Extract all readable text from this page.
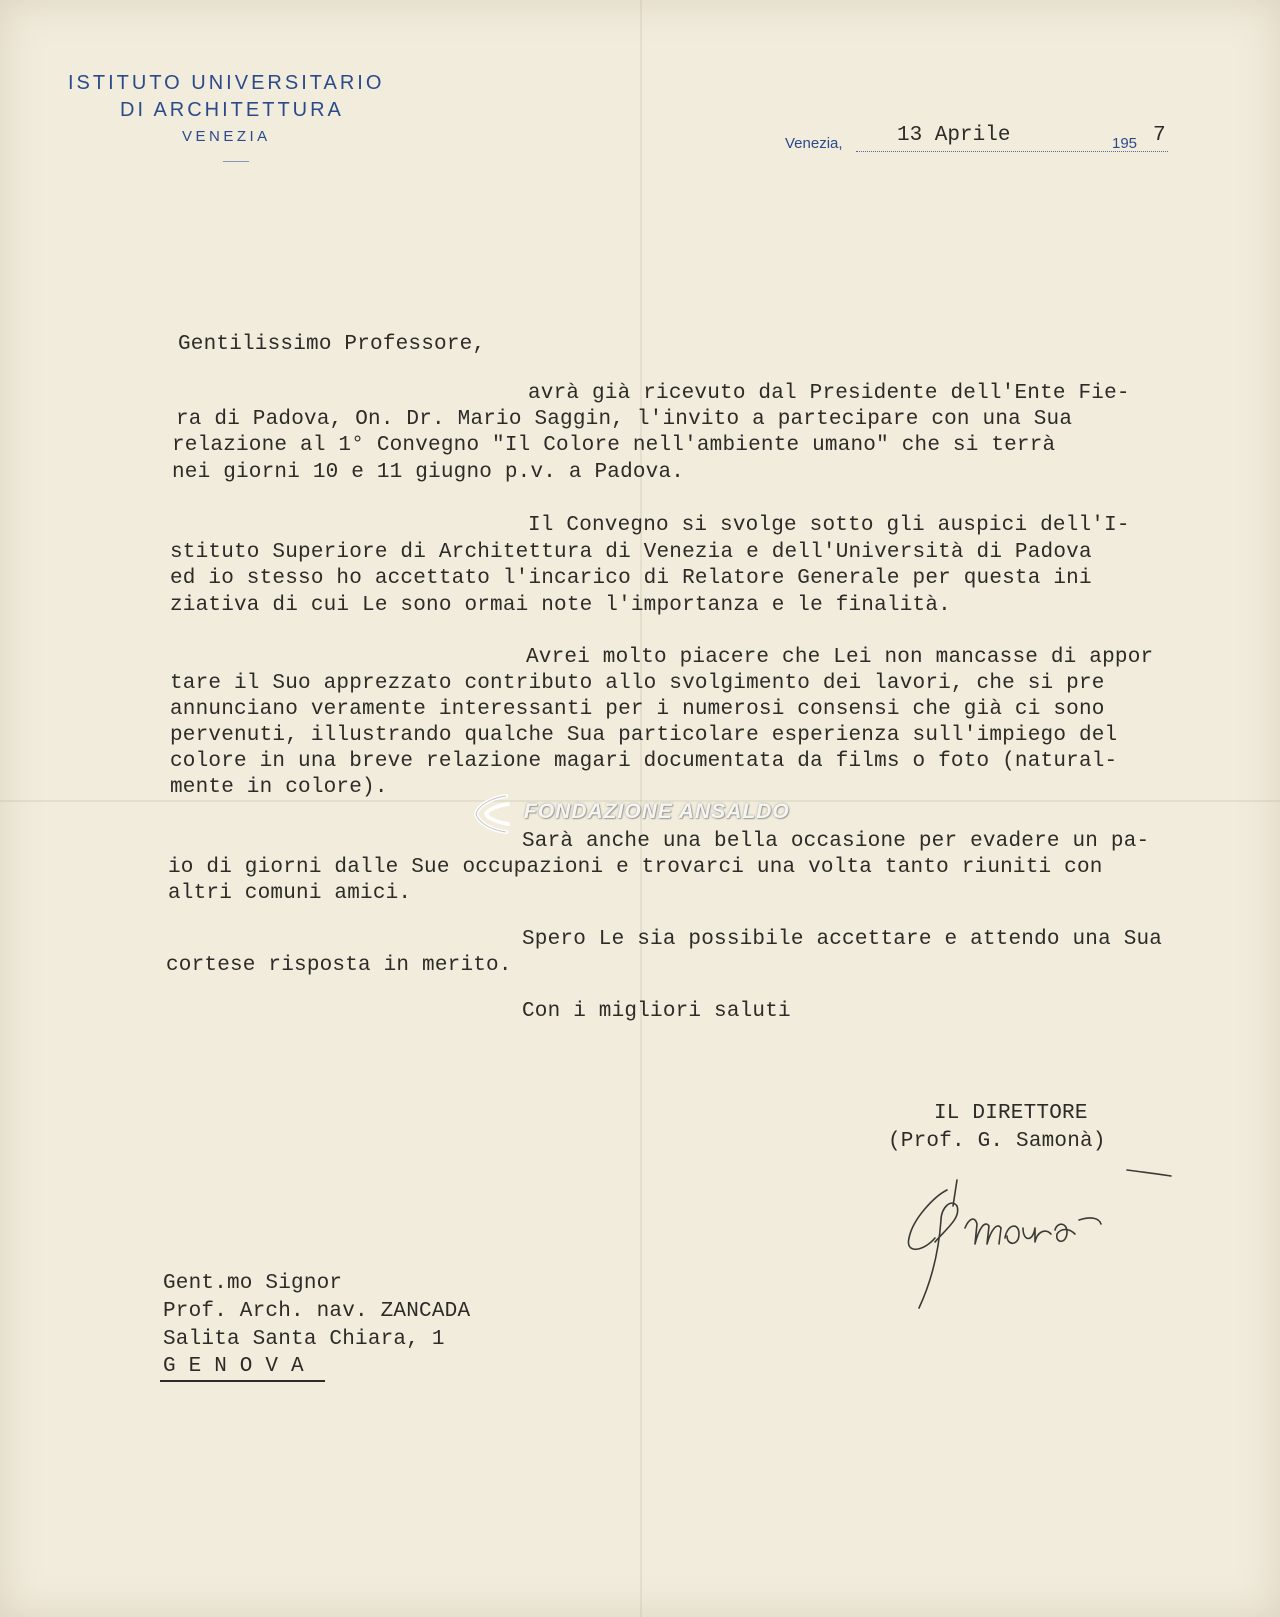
ISTITUTO UNIVERSITARIO
DI ARCHITETTURA
VENEZIA	Venezia,	13 Aprile	195 7
Gentilissimo Professore,
avrà già ricevuto dal Presidente dell'Ente Fie-
ra di Padova, On. Dr. Mario Saggin, l'invito a partecipare con una Sua
relazione al 1° Convegno "Il Colore nell'ambiente umano" che si terrà
nei giorni 10 e 11 giugno p.v. a Padova.
Il Convegno si svolge sotto gli auspici dell'I-
stituto Superiore di Architettura di Venezia e dell'Università di Padova
ed io stesso ho accettato l'incarico di Relatore Generale per questa ini
ziativa di cui Le sono ormai note l'importanza e le finalità.
Avrei molto piacere che Lei non mancasse di appor
tare il Suo apprezzato contributo allo svolgimento dei lavori, che si pre
annunciano veramente interessanti per i numerosi consensi che già ci sono
pervenuti, illustrando qualche Sua particolare esperienza sull'impiego del
colore in una breve relazione magari documentata da films o foto (natural-
mente in colore).
Sarà anche una bella occasione per evadere un pa-
io di giorni dalle Sue occupazioni e trovarci una volta tanto riuniti con
altri comuni amici.
Spero Le sia possibile accettare e attendo una Sua
cortese risposta in merito.
Con i migliori saluti
IL DIRETTORE
(Prof. G. Samonà)
FONDAZIONE ANSALDO
Gent.mo Signor
Prof. Arch. nav. ZANCADA
Salita Santa Chiara, 1
G E N O V A
